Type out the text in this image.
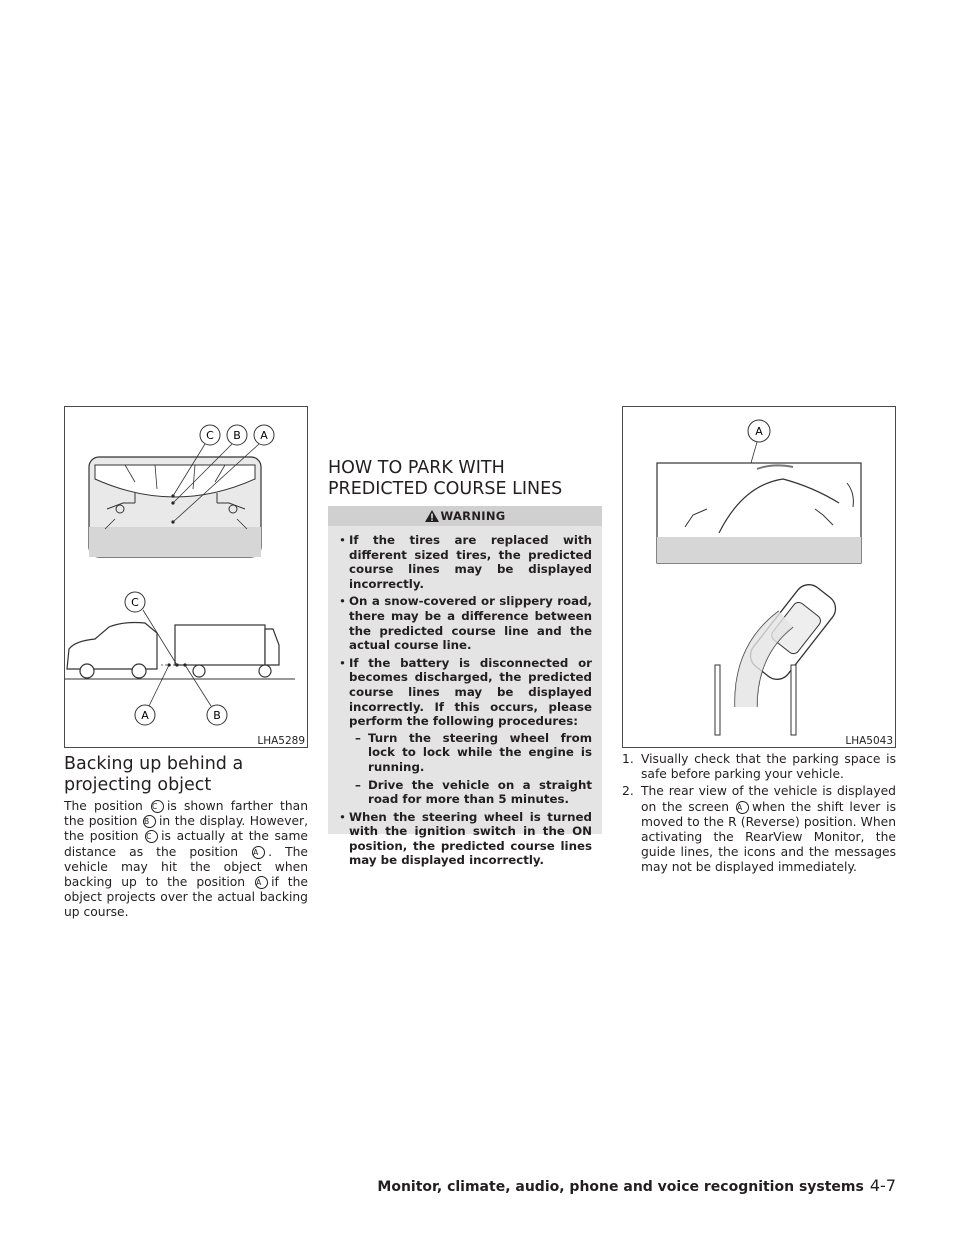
C B A
C
A	B
LHA5289
Backing up behind a projecting object

The position C is shown farther than the position B in the display. However, the position C is actually at the same distance as the position A . The vehicle may hit the object when backing up to the position A if the object projects over the actual backing up course.

HOW TO PARK WITH PREDICTED COURSE LINES
WARNING
• If the tires are replaced with different sized tires, the predicted course lines may be displayed incorrectly.
• On a snow-covered or slippery road, there may be a difference between the predicted course line and the actual course line.
• If the battery is disconnected or becomes discharged, the predicted course lines may be displayed incorrectly. If this occurs, please perform the following procedures:
– Turn the steering wheel from lock to lock while the engine is running.
– Drive the vehicle on a straight road for more than 5 minutes.
• When the steering wheel is turned with the ignition switch in the ON position, the predicted course lines may be displayed incorrectly.
A
LHA5043
1. Visually check that the parking space is safe before parking your vehicle.
2. The rear view of the vehicle is displayed on the screen A when the shift lever is moved to the R (Reverse) position. When activating the RearView Monitor, the guide lines, the icons and the messages may not be displayed immediately.
Monitor, climate, audio, phone and voice recognition systems 4-7
